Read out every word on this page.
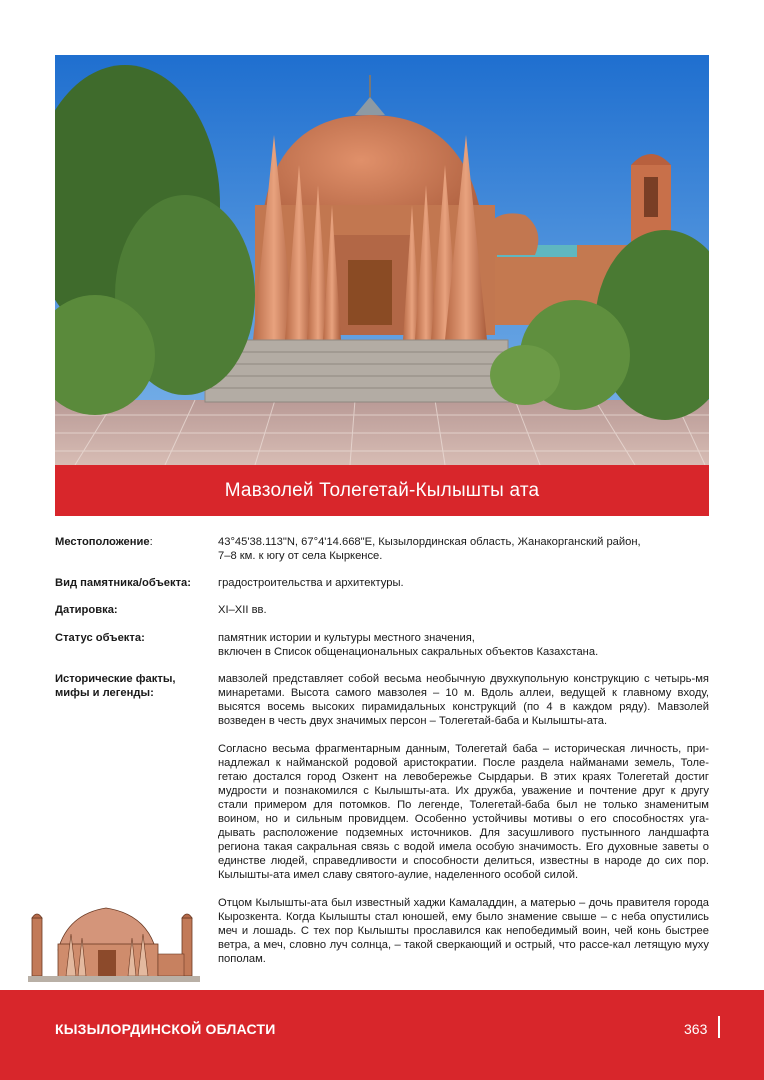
Мавзолей Толегетай-Кылышты ата
Местоположение:	43°45'38.113"N, 67°4'14.668"E, Кызылординская область, Жанакорганский район,
7–8 км. к югу от села Кыркенсе.
Вид памятника/объекта:	градостроительства и архитектуры.
Датировка:	XI–XII вв.
Статус объекта:	памятник истории и культуры местного значения,
включен в Список общенациональных сакральных объектов Казахстана.
Исторические факты,
мифы и легенды:

мавзолей представляет собой весьма необычную двухкупольную конструкцию с четырь-мя минаретами. Высота самого мавзолея – 10 м. Вдоль аллеи, ведущей к главному входу, высятся восемь высоких пирамидальных конструкций (по 4 в каждом ряду). Мавзолей возведен в честь двух значимых персон – Толегетай-баба и Кылышты-ата.

Согласно весьма фрагментарным данным, Толегетай баба – историческая личность, при-надлежал к найманской родовой аристократии. После раздела найманами земель, Толе-гетаю достался город Озкент на левобережье Сырдарьи. В этих краях Толегетай достиг мудрости и познакомился с Кылышты-ата. Их дружба, уважение и почтение друг к другу стали примером для потомков. По легенде, Толегетай-баба был не только знаменитым воином, но и сильным провидцем. Особенно устойчивы мотивы о его способностях уга-дывать расположение подземных источников. Для засушливого пустынного ландшафта региона такая сакральная связь с водой имела особую значимость. Его духовные заветы о единстве людей, справедливости и способности делиться, известны в народе до сих пор. Кылышты-ата имел славу святого-аулие, наделенного особой силой.

Отцом Кылышты-ата был известный хаджи Камаладдин, а матерью – дочь правителя города Кырозкента. Когда Кылышты стал юношей, ему было знамение свыше – с неба опустились меч и лошадь. С тех пор Кылышты прославился как непобедимый воин, чей конь быстрее ветра, а меч, словно луч солнца, – такой сверкающий и острый, что рассе-кал летящую муху пополам.

КЫЗЫЛОРДИНСКОЙ ОБЛАСТИ	363
